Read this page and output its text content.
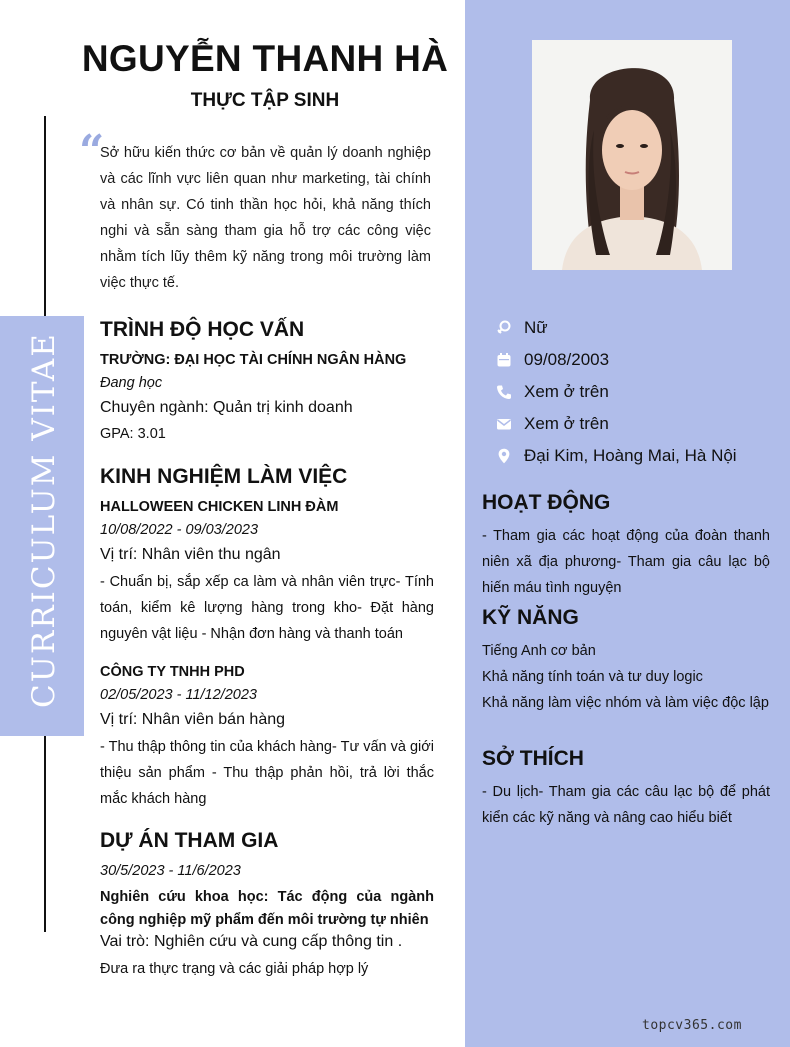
CURRICULUM VITAE
NGUYỄN THANH HÀ
THỰC TẬP SINH
“
Sở hữu kiến thức cơ bản về quản lý doanh nghiệp và các lĩnh vực liên quan như marketing, tài chính và nhân sự. Có tinh thần học hỏi, khả năng thích nghi và sẵn sàng tham gia hỗ trợ các công việc nhằm tích lũy thêm kỹ năng trong môi trường làm việc thực tế.
TRÌNH ĐỘ HỌC VẤN
TRƯỜNG: ĐẠI HỌC TÀI CHÍNH NGÂN HÀNG
Đang học
Chuyên ngành: Quản trị kinh doanh
GPA: 3.01
KINH NGHIỆM LÀM VIỆC
HALLOWEEN CHICKEN LINH ĐÀM
10/08/2022 - 09/03/2023
Vị trí: Nhân viên thu ngân
- Chuẩn bị, sắp xếp ca làm và nhân viên trực- Tính toán, kiểm kê lượng hàng trong kho- Đặt hàng nguyên vật liệu - Nhận đơn hàng và thanh toán
CÔNG TY TNHH PHD
02/05/2023 - 11/12/2023
Vị trí: Nhân viên bán hàng
- Thu thập thông tin của khách hàng- Tư vấn và giới thiệu sản phẩm - Thu thập phản hồi, trả lời thắc mắc khách hàng
DỰ ÁN THAM GIA
30/5/2023 - 11/6/2023
Nghiên cứu khoa học: Tác động của ngành công nghiệp mỹ phẩm đến môi trường tự nhiên
Vai trò: Nghiên cứu và cung cấp thông tin .
Đưa ra thực trạng và các giải pháp hợp lý
Nữ
09/08/2003
Xem ở trên
Xem ở trên
Đại Kim, Hoàng Mai, Hà Nội
HOẠT ĐỘNG
- Tham gia các hoạt động của đoàn thanh niên xã địa phương- Tham gia câu lạc bộ hiến máu tình nguyện
KỸ NĂNG
Tiếng Anh cơ bản
Khả năng tính toán và tư duy logic
Khả năng làm việc nhóm và làm việc độc lập
SỞ THÍCH
- Du lịch- Tham gia các câu lạc bộ để phát kiển các kỹ năng và nâng cao hiểu biết
topcv365.com
